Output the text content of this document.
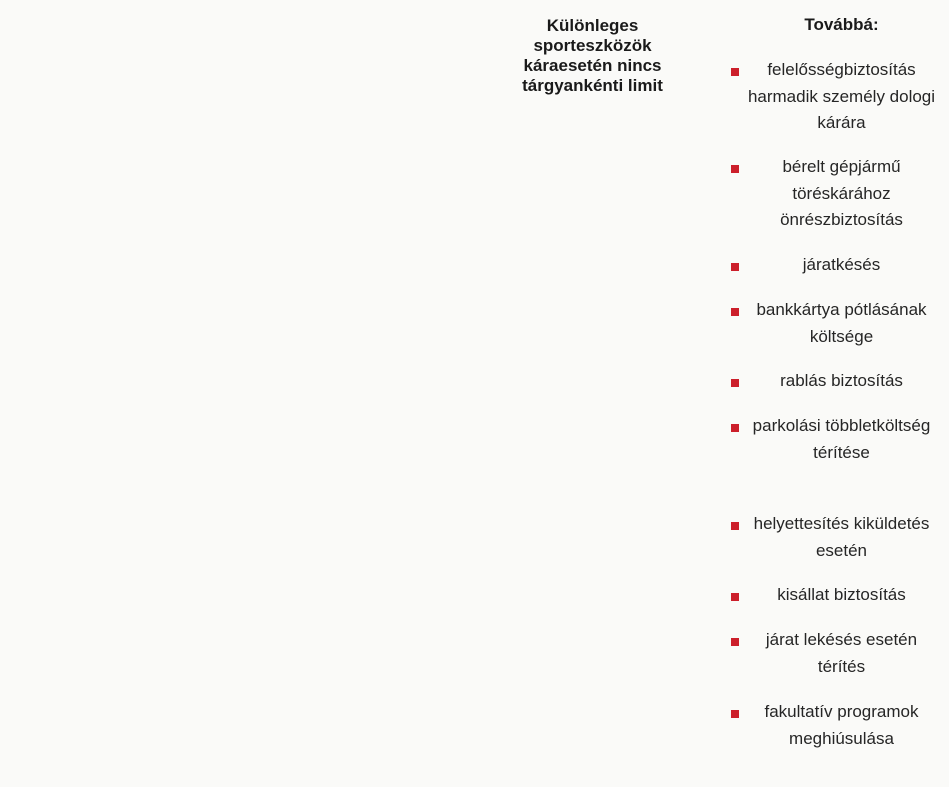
Különleges sporteszközök káraesetén nincs tárgyankénti limit
Továbbá:
felelősségbiztosítás harmadik személy dologi kárára
bérelt gépjármű töréskárához önrészbiztosítás
járatkésés
bankkártya pótlásának költsége
rablás biztosítás
parkolási többletköltség térítése
helyettesítés kiküldetés esetén
kisállat biztosítás
járat lekésés esetén térítés
fakultatív programok meghiúsulása
